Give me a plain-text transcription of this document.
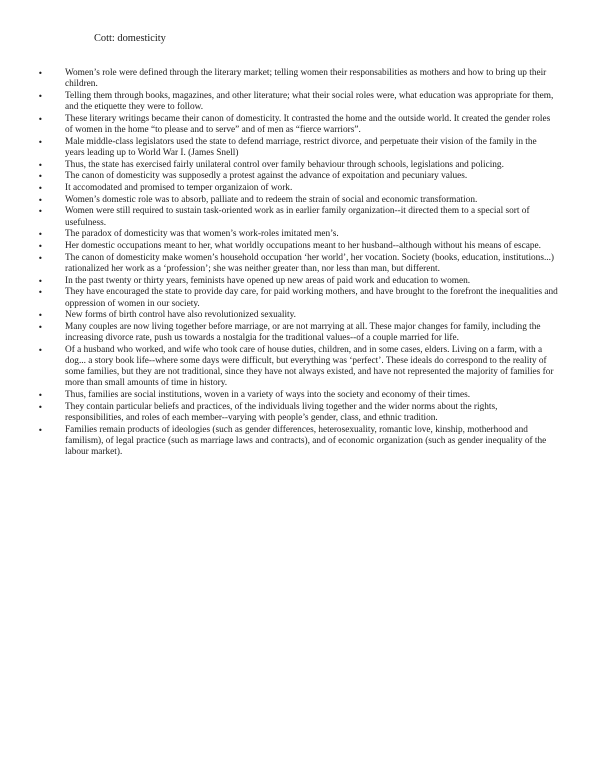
Cott: domesticity
• Women’s role were defined through the literary market; telling women their responsabilities as mothers and how to bring up their children.
• Telling them through books, magazines, and other literature; what their social roles were, what education was appropriate for them, and the etiquette they were to follow.
• These literary writings became their canon of domesticity. It contrasted the home and the outside world. It created the gender roles of women in the home “to please and to serve” and of men as “fierce warriors”.
• Male middle-class legislators used the state to defend marriage, restrict divorce, and perpetuate their vision of the family in the years leading up to World War I. (James Snell)
• Thus, the state has exercised fairly unilateral control over family behaviour through schools, legislations and policing.
• The canon of domesticity was supposedly a protest against the advance of expoitation and pecuniary values.
• It accomodated and promised to temper organizaion of work.
• Women’s domestic role was to absorb, palliate and to redeem the strain of social and economic transformation.
• Women were still required to sustain task-oriented work as in earlier family organization--it directed them to a special sort of usefulness.
• The paradox of domesticity was that women’s work-roles imitated men’s.
• Her domestic occupations meant to her, what worldly occupations meant to her husband--although without his means of escape.
• The canon of domesticity make women’s household occupation ‘her world’, her vocation. Society (books, education, institutions...) rationalized her work as a ‘profession’; she was neither greater than, nor less than man, but different.
• In the past twenty or thirty years, feminists have opened up new areas of paid work and education to women.
• They have encouraged the state to provide day care, for paid working mothers, and have brought to the forefront the inequalities and oppression of women in our society.
• New forms of birth control have also revolutionized sexuality.
• Many couples are now living together before marriage, or are not marrying at all. These major changes for family, including the increasing divorce rate, push us towards a nostalgia for the traditional values--of a couple married for life.
• Of a husband who worked, and wife who took care of house duties, children, and in some cases, elders. Living on a farm, with a dog... a story book life--where some days were difficult, but everything was ‘perfect’. These ideals do correspond to the reality of some families, but they are not traditional, since they have not always existed, and have not represented the majority of families for more than small amounts of time in history.
• Thus, families are social institutions, woven in a variety of ways into the society and economy of their times.
• They contain particular beliefs and practices, of the individuals living together and the wider norms about the rights, responsibilities, and roles of each member--varying with people’s gender, class, and ethnic tradition.
• Families remain products of ideologies (such as gender differences, heterosexuality, romantic love, kinship, motherhood and familism), of legal practice (such as marriage laws and contracts), and of economic organization (such as gender inequality of the labour market).
